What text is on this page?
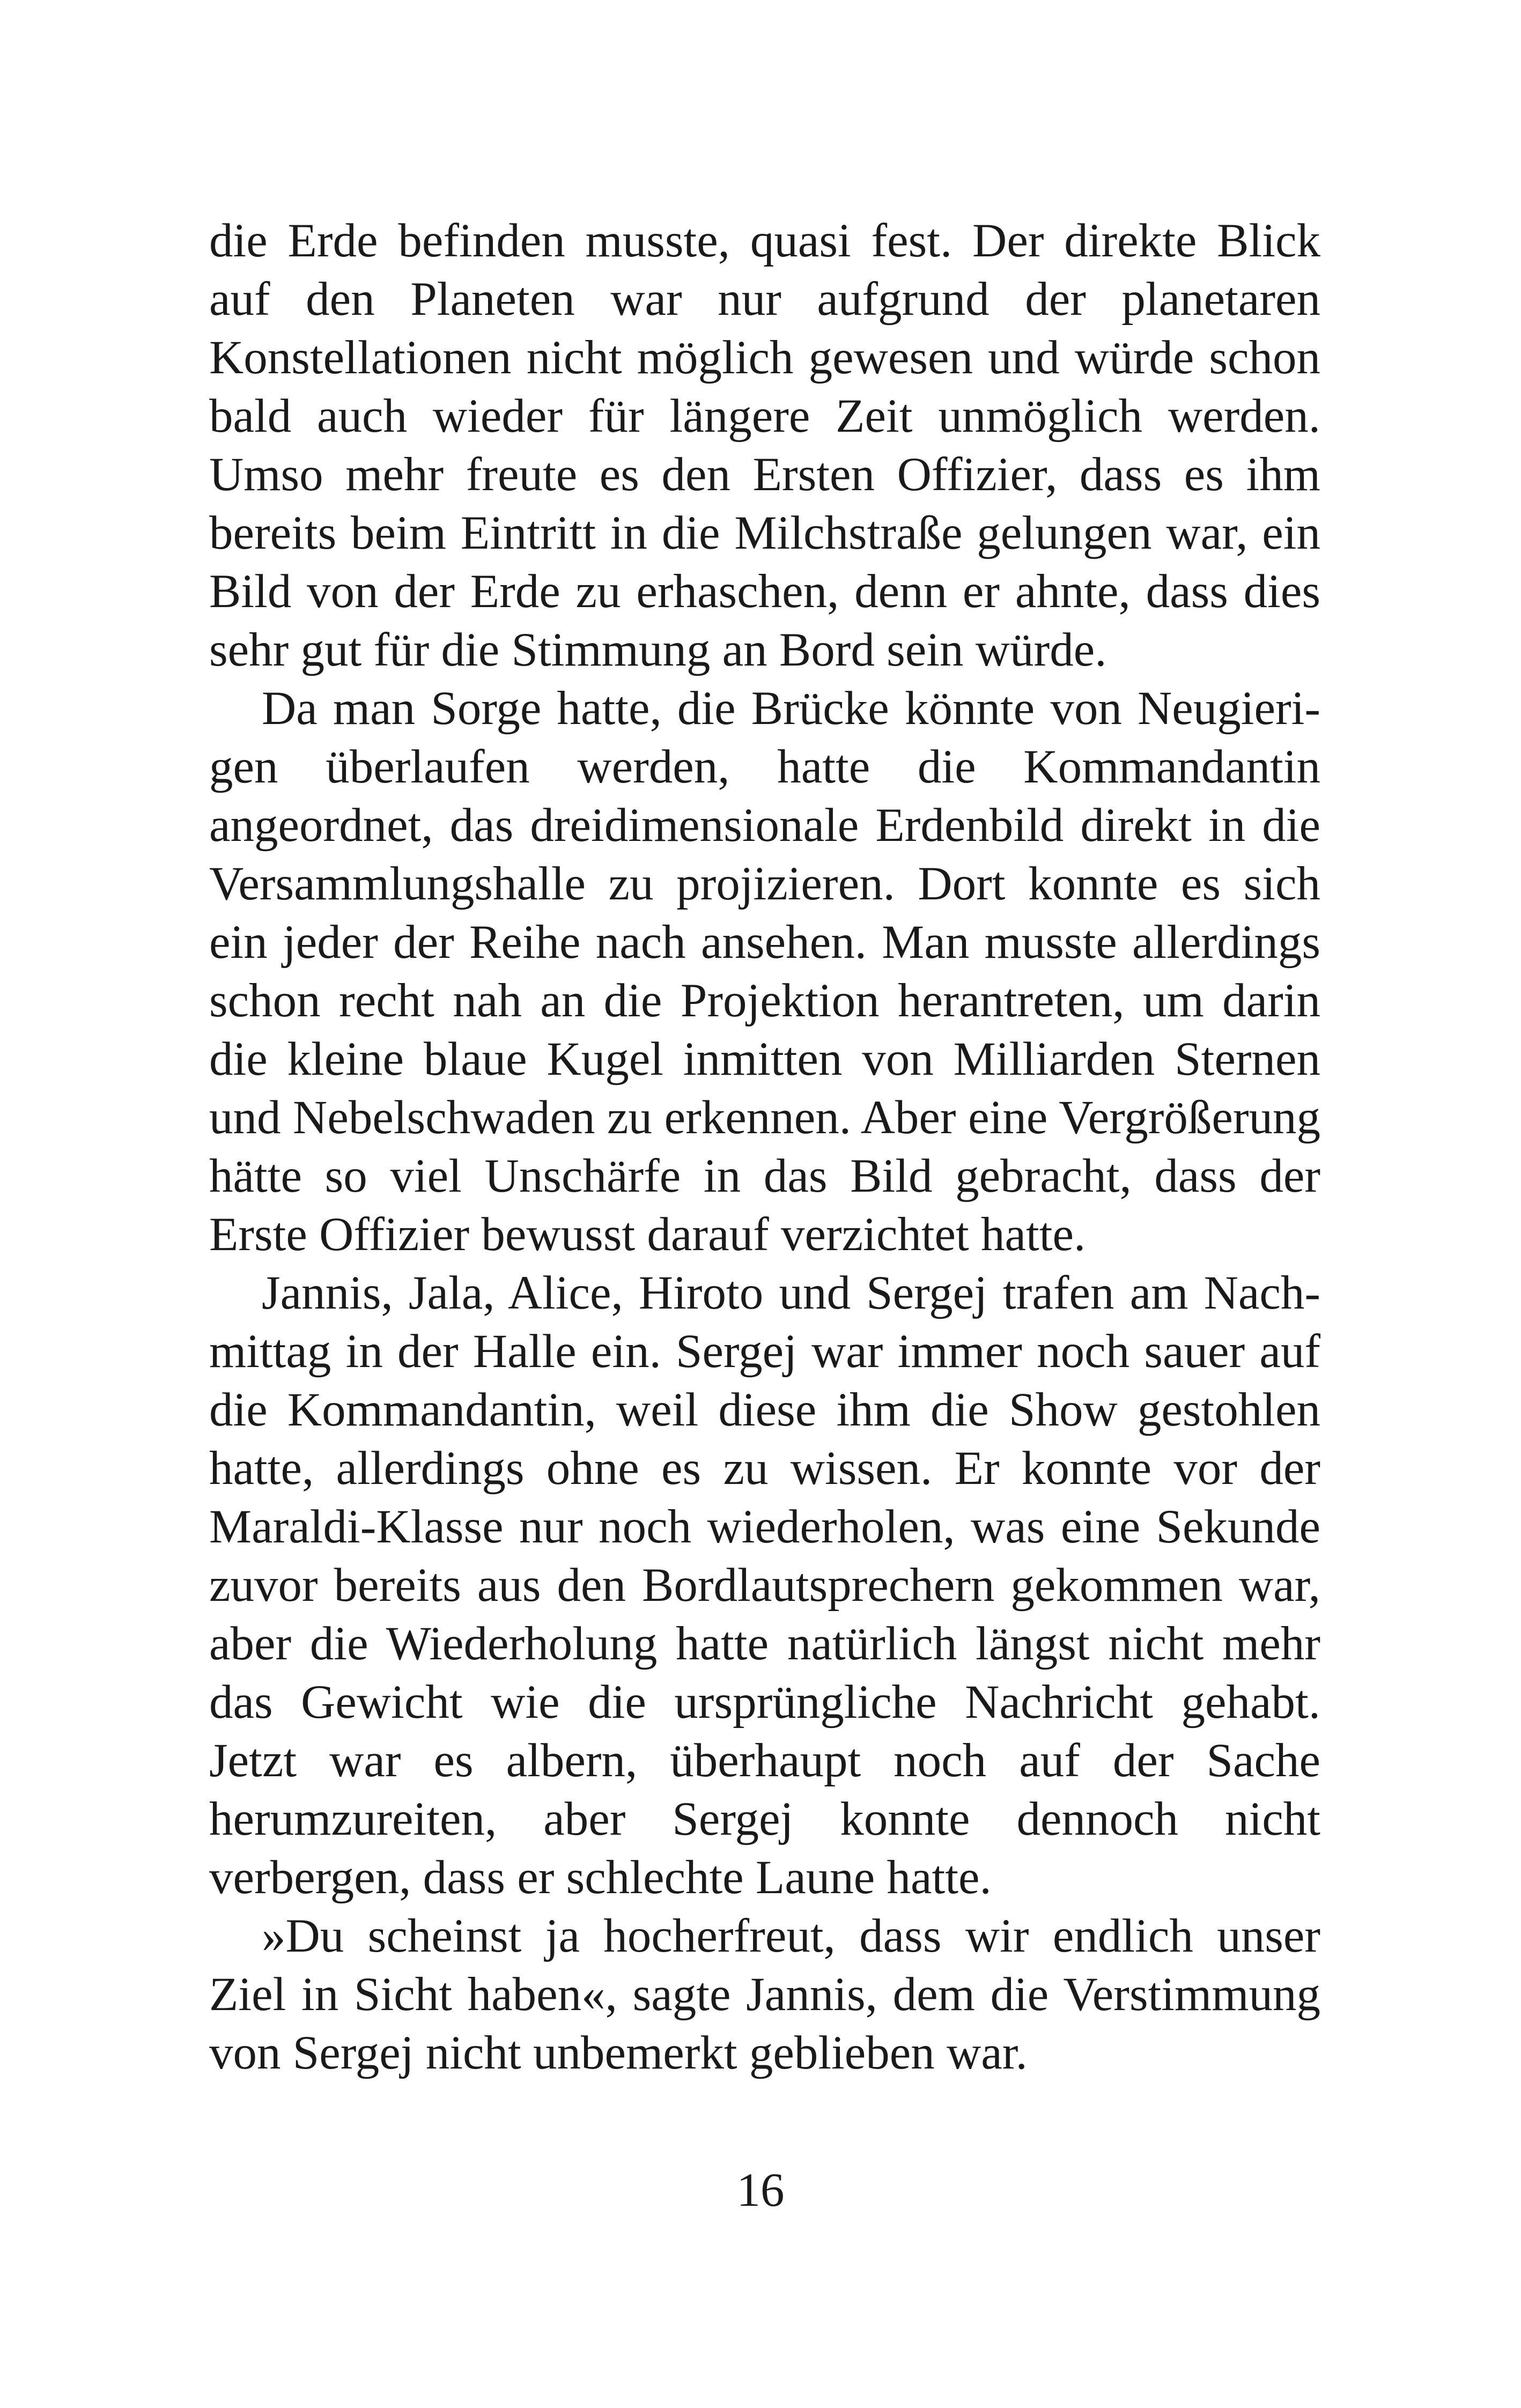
die Erde befinden musste, quasi fest. Der direkte Blick auf den Planeten war nur aufgrund der planetaren Konstellationen nicht möglich gewesen und würde schon bald auch wieder für längere Zeit unmöglich werden. Umso mehr freute es den Ersten Offizier, dass es ihm bereits beim Eintritt in die Milchstraße gelungen war, ein Bild von der Erde zu erhaschen, denn er ahnte, dass dies sehr gut für die Stimmung an Bord sein würde.

Da man Sorge hatte, die Brücke könnte von Neugierigen überlaufen werden, hatte die Kommandantin angeordnet, das dreidimensionale Erdenbild direkt in die Versammlungshalle zu projizieren. Dort konnte es sich ein jeder der Reihe nach ansehen. Man musste allerdings schon recht nah an die Projektion herantreten, um darin die kleine blaue Kugel inmitten von Milliarden Sternen und Nebelschwaden zu erkennen. Aber eine Vergrößerung hätte so viel Unschärfe in das Bild gebracht, dass der Erste Offizier bewusst darauf verzichtet hatte.

Jannis, Jala, Alice, Hiroto und Sergej trafen am Nachmittag in der Halle ein. Sergej war immer noch sauer auf die Kommandantin, weil diese ihm die Show gestohlen hatte, allerdings ohne es zu wissen. Er konnte vor der Maraldi-Klasse nur noch wiederholen, was eine Sekunde zuvor bereits aus den Bordlautsprechern gekommen war, aber die Wiederholung hatte natürlich längst nicht mehr das Gewicht wie die ursprüngliche Nachricht gehabt. Jetzt war es albern, überhaupt noch auf der Sache herumzureiten, aber Sergej konnte dennoch nicht verbergen, dass er schlechte Laune hatte.

»Du scheinst ja hocherfreut, dass wir endlich unser Ziel in Sicht haben«, sagte Jannis, dem die Verstimmung von Sergej nicht unbemerkt geblieben war.

16
